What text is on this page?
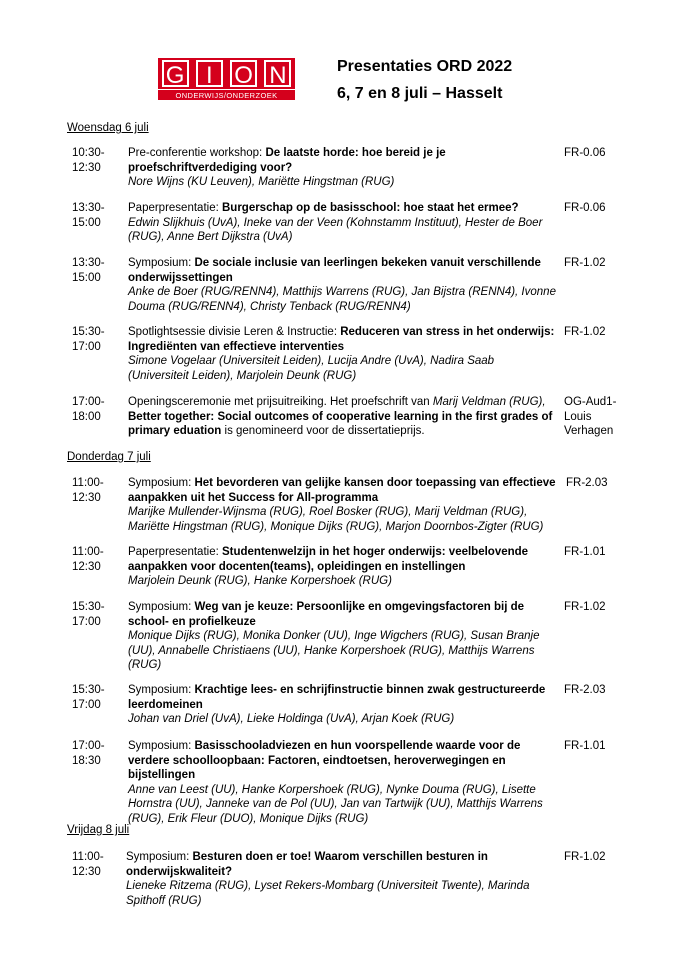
G I O N
ONDERWIJS/ONDERZOEK
Presentaties ORD 2022
6, 7 en 8 juli – Hasselt
Woensdag 6 juli
10:30-
12:30
Pre-conferentie workshop: De laatste horde: hoe bereid je je proefschriftverdediging voor?
Nore Wijns (KU Leuven), Mariëtte Hingstman (RUG)
FR-0.06
13:30-
15:00
Paperpresentatie: Burgerschap op de basisschool: hoe staat het ermee?
Edwin Slijkhuis (UvA), Ineke van der Veen (Kohnstamm Instituut), Hester de Boer (RUG), Anne Bert Dijkstra (UvA)
FR-0.06
13:30-
15:00
Symposium: De sociale inclusie van leerlingen bekeken vanuit verschillende onderwijssettingen
Anke de Boer (RUG/RENN4), Matthijs Warrens (RUG), Jan Bijstra (RENN4), Ivonne Douma (RUG/RENN4), Christy Tenback (RUG/RENN4)
FR-1.02
15:30-
17:00
Spotlightsessie divisie Leren & Instructie: Reduceren van stress in het onderwijs: Ingrediënten van effectieve interventies
Simone Vogelaar (Universiteit Leiden), Lucija Andre (UvA), Nadira Saab (Universiteit Leiden), Marjolein Deunk (RUG)
FR-1.02
17:00-
18:00
Openingsceremonie met prijsuitreiking. Het proefschrift van Marij Veldman (RUG), Better together: Social outcomes of cooperative learning in the first grades of primary eduation is genomineerd voor de dissertatieprijs.
OG-Aud1-Louis Verhagen
Donderdag 7 juli
11:00-
12:30
Symposium: Het bevorderen van gelijke kansen door toepassing van effectieve aanpakken uit het Success for All-programma
Marijke Mullender-Wijnsma (RUG), Roel Bosker (RUG), Marij Veldman (RUG), Mariëtte Hingstman (RUG), Monique Dijks (RUG), Marjon Doornbos-Zigter (RUG)
FR-2.03
11:00-
12:30
Paperpresentatie: Studentenwelzijn in het hoger onderwijs: veelbelovende aanpakken voor docenten(teams), opleidingen en instellingen
Marjolein Deunk (RUG), Hanke Korpershoek (RUG)
FR-1.01
15:30-
17:00
Symposium: Weg van je keuze: Persoonlijke en omgevingsfactoren bij de school- en profielkeuze
Monique Dijks (RUG), Monika Donker (UU), Inge Wigchers (RUG), Susan Branje (UU), Annabelle Christiaens (UU), Hanke Korpershoek (RUG), Matthijs Warrens (RUG)
FR-1.02
15:30-
17:00
Symposium: Krachtige lees- en schrijfinstructie binnen zwak gestructureerde leerdomeinen
Johan van Driel (UvA), Lieke Holdinga (UvA), Arjan Koek (RUG)
FR-2.03
17:00-
18:30
Symposium: Basisschooladviezen en hun voorspellende waarde voor de verdere schoolloopbaan: Factoren, eindtoetsen, heroverwegingen en bijstellingen
Anne van Leest (UU), Hanke Korpershoek (RUG), Nynke Douma (RUG), Lisette Hornstra (UU), Janneke van de Pol (UU), Jan van Tartwijk (UU), Matthijs Warrens (RUG), Erik Fleur (DUO), Monique Dijks (RUG)
FR-1.01
Vrijdag 8 juli
11:00-
12:30
Symposium: Besturen doen er toe! Waarom verschillen besturen in onderwijskwaliteit?
Lieneke Ritzema (RUG), Lyset Rekers-Mombarg (Universiteit Twente), Marinda Spithoff (RUG)
FR-1.02
